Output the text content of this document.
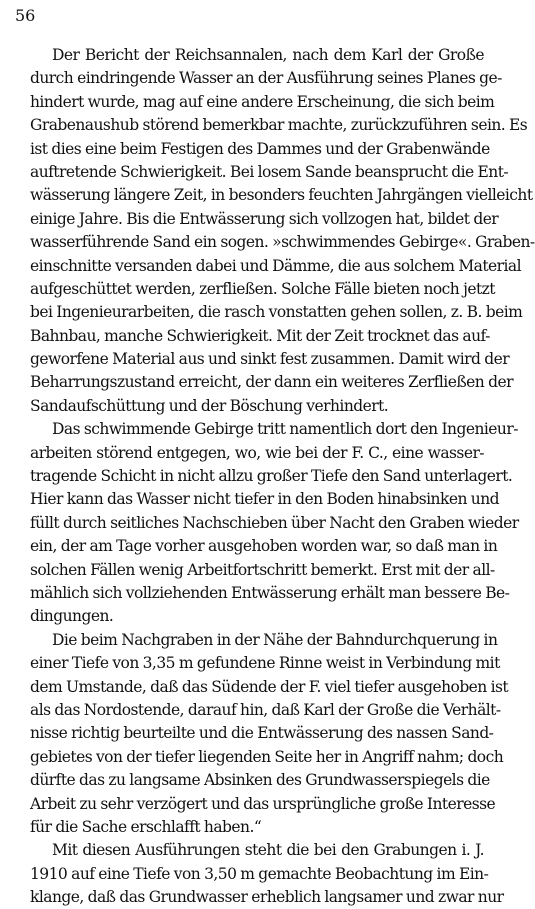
56
Der Bericht der Reichsannalen, nach dem Karl der Große
durch eindringende Wasser an der Ausführung seines Planes ge-
hindert wurde, mag auf eine andere Erscheinung, die sich beim
Grabenaushub störend bemerkbar machte, zurückzuführen sein. Es
ist dies eine beim Festigen des Dammes und der Grabenwände
auftretende Schwierigkeit. Bei losem Sande beansprucht die Ent-
wässerung längere Zeit, in besonders feuchten Jahrgängen vielleicht
einige Jahre. Bis die Entwässerung sich vollzogen hat, bildet der
wasserführende Sand ein sogen. »schwimmendes Gebirge«. Graben-
einschnitte versanden dabei und Dämme, die aus solchem Material
aufgeschüttet werden, zerfließen. Solche Fälle bieten noch jetzt
bei Ingenieurarbeiten, die rasch vonstatten gehen sollen, z. B. beim
Bahnbau, manche Schwierigkeit. Mit der Zeit trocknet das auf-
geworfene Material aus und sinkt fest zusammen. Damit wird der
Beharrungszustand erreicht, der dann ein weiteres Zerfließen der
Sandaufschüttung und der Böschung verhindert.
Das schwimmende Gebirge tritt namentlich dort den Ingenieur-
arbeiten störend entgegen, wo, wie bei der F. C., eine wasser-
tragende Schicht in nicht allzu großer Tiefe den Sand unterlagert.
Hier kann das Wasser nicht tiefer in den Boden hinabsinken und
füllt durch seitliches Nachschieben über Nacht den Graben wieder
ein, der am Tage vorher ausgehoben worden war, so daß man in
solchen Fällen wenig Arbeitfortschritt bemerkt. Erst mit der all-
mählich sich vollziehenden Entwässerung erhält man bessere Be-
dingungen.
Die beim Nachgraben in der Nähe der Bahndurchquerung in
einer Tiefe von 3,35 m gefundene Rinne weist in Verbindung mit
dem Umstande, daß das Südende der F. viel tiefer ausgehoben ist
als das Nordostende, darauf hin, daß Karl der Große die Verhält-
nisse richtig beurteilte und die Entwässerung des nassen Sand-
gebietes von der tiefer liegenden Seite her in Angriff nahm; doch
dürfte das zu langsame Absinken des Grundwasserspiegels die
Arbeit zu sehr verzögert und das ursprüngliche große Interesse
für die Sache erschlafft haben.“
Mit diesen Ausführungen steht die bei den Grabungen i. J.
1910 auf eine Tiefe von 3,50 m gemachte Beobachtung im Ein-
klange, daß das Grundwasser erheblich langsamer und zwar nur
